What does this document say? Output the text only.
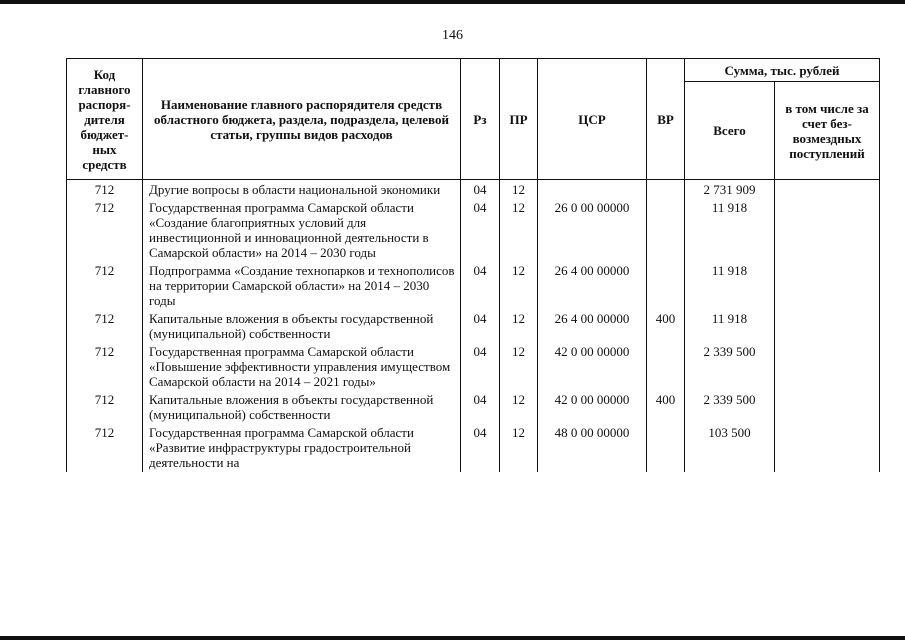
146
Код главного распоря-дителя бюджет-ных средств	Наименование главного распорядителя средств областного бюджета, раздела, подраздела, целевой статьи, группы видов расходов	Рз	ПР	ЦСР	ВР	Сумма, тыс. рублей	
						Всего	в том числе за счет без-возмездных поступлений
712	Другие вопросы в области национальной экономики	04	12			2 731 909	
712	Государственная программа Самарской области «Создание благоприятных условий для инвестиционной и инновационной деятельности в Самарской области» на 2014 – 2030 годы	04	12	26 0 00 00000		11 918	
712	Подпрограмма «Создание технопарков и технополисов на территории Самарской области» на 2014 – 2030 годы	04	12	26 4 00 00000		11 918	
712	Капитальные вложения в объекты государственной (муниципальной) собственности	04	12	26 4 00 00000	400	11 918	
712	Государственная программа Самарской области «Повышение эффективности управления имуществом Самарской области на 2014 – 2021 годы»	04	12	42 0 00 00000		2 339 500	
712	Капитальные вложения в объекты государственной (муниципальной) собственности	04	12	42 0 00 00000	400	2 339 500	
712	Государственная программа Самарской области «Развитие инфраструктуры градостроительной деятельности на	04	12	48 0 00 00000		103 500	
